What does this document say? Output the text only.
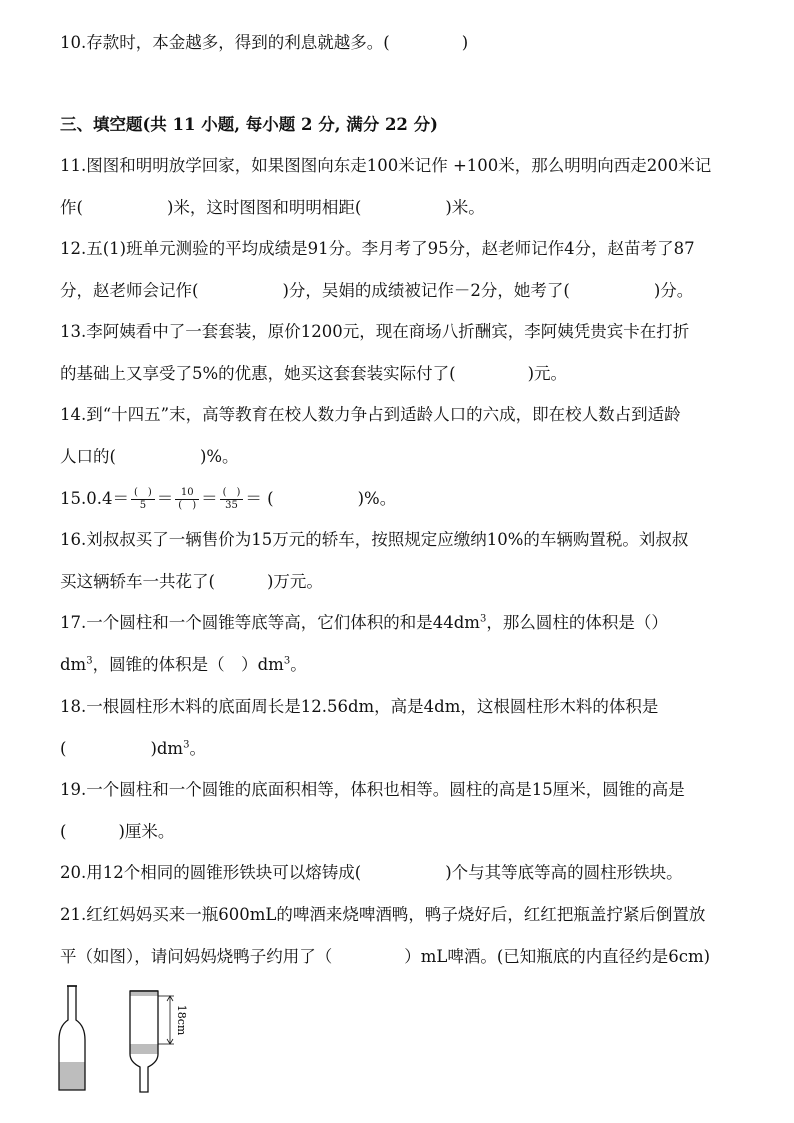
10.存款时，本金越多，得到的利息就越多。(	)
三、填空题(共 11 小题, 每小题 2 分, 满分 22 分)
11.图图和明明放学回家，如果图图向东走100米记作 +100米，那么明明向西走200米记
作(	)米，这时图图和明明相距(	)米。
12.五(1)班单元测验的平均成绩是91分。李月考了95分，赵老师记作4分，赵苗考了87
分，赵老师会记作(	)分，吴娟的成绩被记作－2分，她考了(	)分。
13.李阿姨看中了一套套装，原价1200元，现在商场八折酬宾，李阿姨凭贵宾卡在打折
的基础上又享受了5%的优惠，她买这套套装实际付了(	)元。
14.到“十四五”末，高等教育在校人数力争占到适龄人口的六成，即在校人数占到适龄
人口的(	)%。
$15.0.4= \frac{( )}{5} = \frac{10}{( )} = \frac{( )}{35}$ ＝ (	)%。
16.刘叔叔买了一辆售价为15万元的轿车，按照规定应缴纳10%的车辆购置税。刘叔叔
买这辆轿车一共花了(	)万元。
17.一个圆柱和一个圆锥等底等高，它们体积的和是$44dm^3$，那么圆柱的体积是（）
$dm^3$，圆锥的体积是（　）$dm^3$。
18.一根圆柱形木料的底面周长是12.56dm，高是4dm，这根圆柱形木料的体积是
(	)$dm^3$。
19.一个圆柱和一个圆锥的底面积相等，体积也相等。圆柱的高是15厘米，圆锥的高是
(	)厘米。
20.用12个相同的圆锥形铁块可以熔铸成(	)个与其等底等高的圆柱形铁块。
21.红红妈妈买来一瓶600mL的啤酒来烧啤酒鸭，鸭子烧好后，红红把瓶盖拧紧后倒置放
平（如图），请问妈妈烧鸭子约用了（	）mL啤酒。(已知瓶底的内直径约是6cm)
18cm
